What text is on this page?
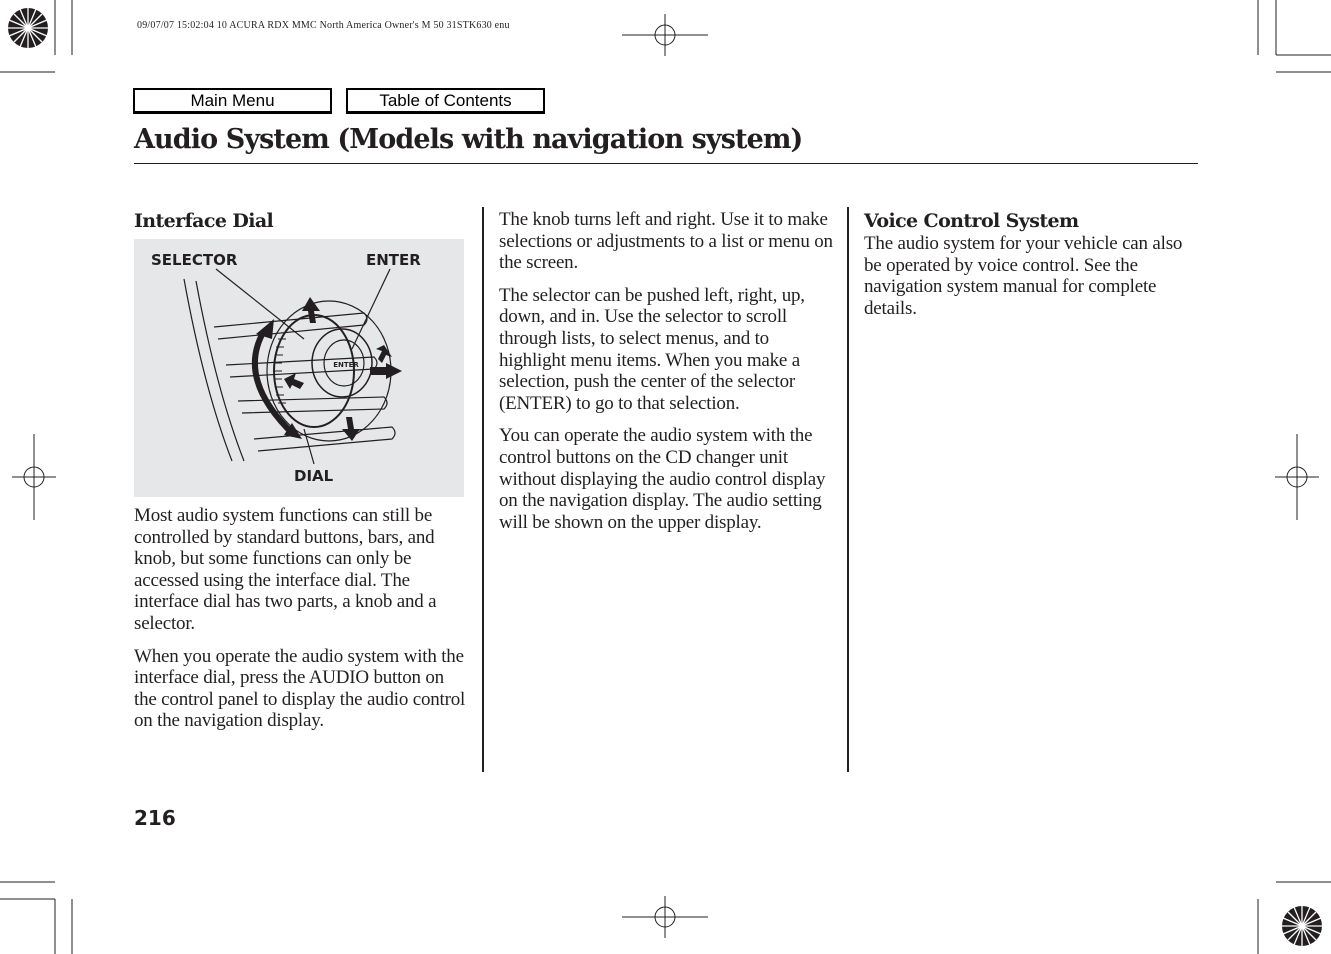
09/07/07 15:02:04 10 ACURA RDX MMC North America Owner's M 50 31STK630 enu
Main Menu	Table of Contents
Audio System (Models with navigation system)
Interface Dial
ENTER
SELECTOR	ENTER
DIAL

Most audio system functions can still be controlled by standard buttons, bars, and knob, but some functions can only be accessed using the interface dial. The interface dial has two parts, a knob and a selector.

When you operate the audio system with the interface dial, press the AUDIO button on the control panel to display the audio control on the navigation display.

The knob turns left and right. Use it to make selections or adjustments to a list or menu on the screen.

The selector can be pushed left, right, up, down, and in. Use the selector to scroll through lists, to select menus, and to highlight menu items. When you make a selection, push the center of the selector (ENTER) to go to that selection.

You can operate the audio system with the control buttons on the CD changer unit without displaying the audio control display on the navigation display. The audio setting will be shown on the upper display.

Voice Control System

The audio system for your vehicle can also be operated by voice control. See the navigation system manual for complete details.

216
